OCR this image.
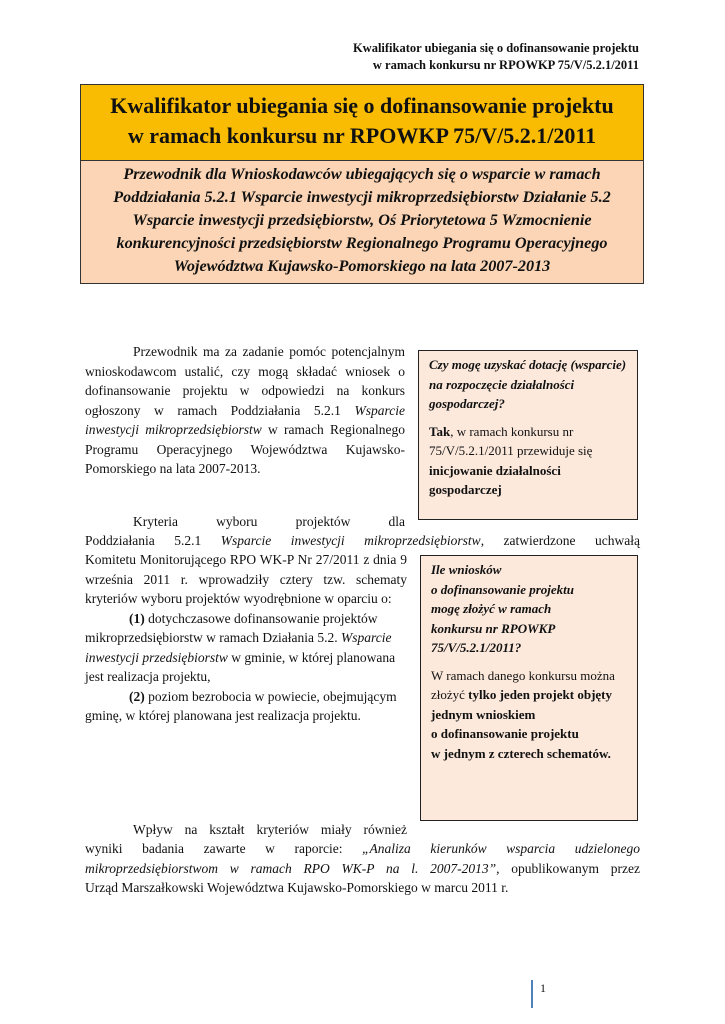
Kwalifikator ubiegania się o dofinansowanie projektu
w ramach konkursu nr RPOWKP 75/V/5.2.1/2011
Kwalifikator ubiegania się o dofinansowanie projektu
w ramach konkursu nr RPOWKP 75/V/5.2.1/2011
Przewodnik dla Wnioskodawców ubiegających się o wsparcie w ramach Poddziałania 5.2.1 Wsparcie inwestycji mikroprzedsiębiorstw Działanie 5.2 Wsparcie inwestycji przedsiębiorstw, Oś Priorytetowa 5 Wzmocnienie konkurencyjności przedsiębiorstw Regionalnego Programu Operacyjnego Województwa Kujawsko-Pomorskiego na lata 2007-2013
Przewodnik ma za zadanie pomóc potencjalnym wnioskodawcom ustalić, czy mogą składać wniosek o dofinansowanie projektu w odpowiedzi na konkurs ogłoszony w ramach Poddziałania 5.2.1 Wsparcie inwestycji mikroprzedsiębiorstw w ramach Regionalnego Programu Operacyjnego Województwa Kujawsko-Pomorskiego na lata 2007-2013.

Kryteria wyboru projektów dla

Poddziałania 5.2.1 Wsparcie inwestycji mikroprzedsiębiorstw, zatwierdzone uchwałą

Komitetu Monitorującego RPO WK-P Nr 27/2011 z dnia 9 września 2011 r. wprowadziły cztery tzw. schematy kryteriów wyboru projektów wyodrębnione w oparciu o:

(1) dotychczasowe dofinansowanie projektów mikroprzedsiębiorstw w ramach Działania 5.2. Wsparcie inwestycji przedsiębiorstw w gminie, w której planowana jest realizacja projektu,

(2) poziom bezrobocia w powiecie, obejmującym gminę, w której planowana jest realizacja projektu.

Wpływ na kształt kryteriów miały również

wyniki badania zawarte w raporcie: „Analiza kierunków wsparcia udzielonego

mikroprzedsiębiorstwom w ramach RPO WK-P na l. 2007-2013”, opublikowanym przez

Urząd Marszałkowski Województwa Kujawsko-Pomorskiego w marcu 2011 r.

Czy mogę uzyskać dotację (wsparcie) na rozpoczęcie działalności gospodarczej?

Tak, w ramach konkursu nr 75/V/5.2.1/2011 przewiduje się inicjowanie działalności gospodarczej

Ile wniosków
o dofinansowanie projektu
mogę złożyć w ramach
konkursu nr RPOWKP
75/V/5.2.1/2011?

W ramach danego konkursu można złożyć tylko jeden projekt objęty jednym wnioskiem
o dofinansowanie projektu
w jednym z czterech schematów.

1
